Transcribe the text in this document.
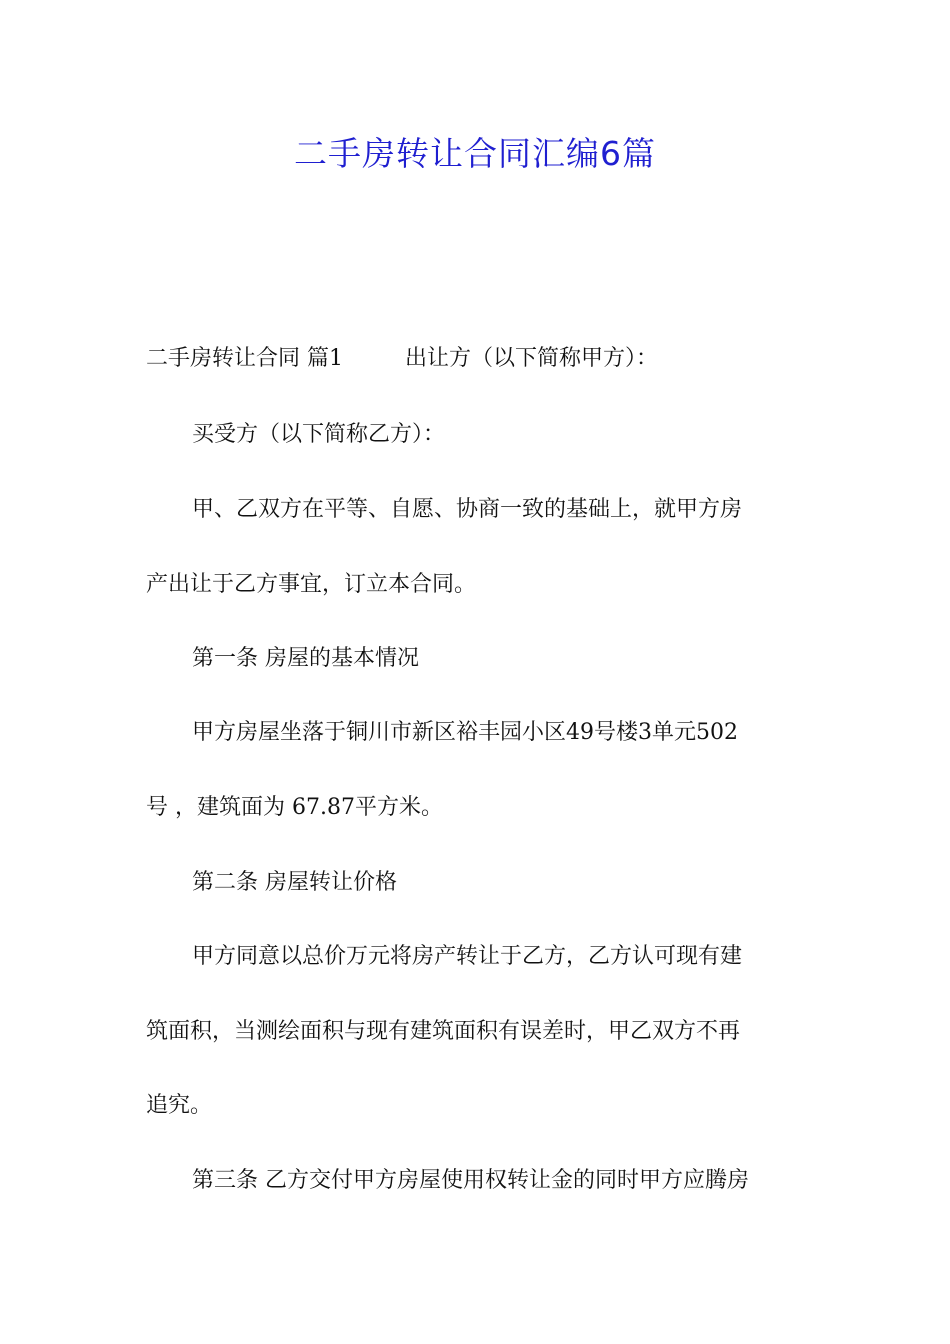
二手房转让合同汇编6篇
二手房转让合同 篇1	出让方（以下简称甲方）：
买受方（以下简称乙方）：
甲、乙双方在平等、自愿、协商一致的基础上，就甲方房
产出让于乙方事宜，订立本合同。
第一条 房屋的基本情况
甲方房屋坐落于铜川市新区裕丰园小区49号楼3单元502
号 ，建筑面为 67.87平方米。
第二条 房屋转让价格
甲方同意以总价万元将房产转让于乙方，乙方认可现有建
筑面积，当测绘面积与现有建筑面积有误差时，甲乙双方不再
追究。
第三条 乙方交付甲方房屋使用权转让金的同时甲方应腾房
